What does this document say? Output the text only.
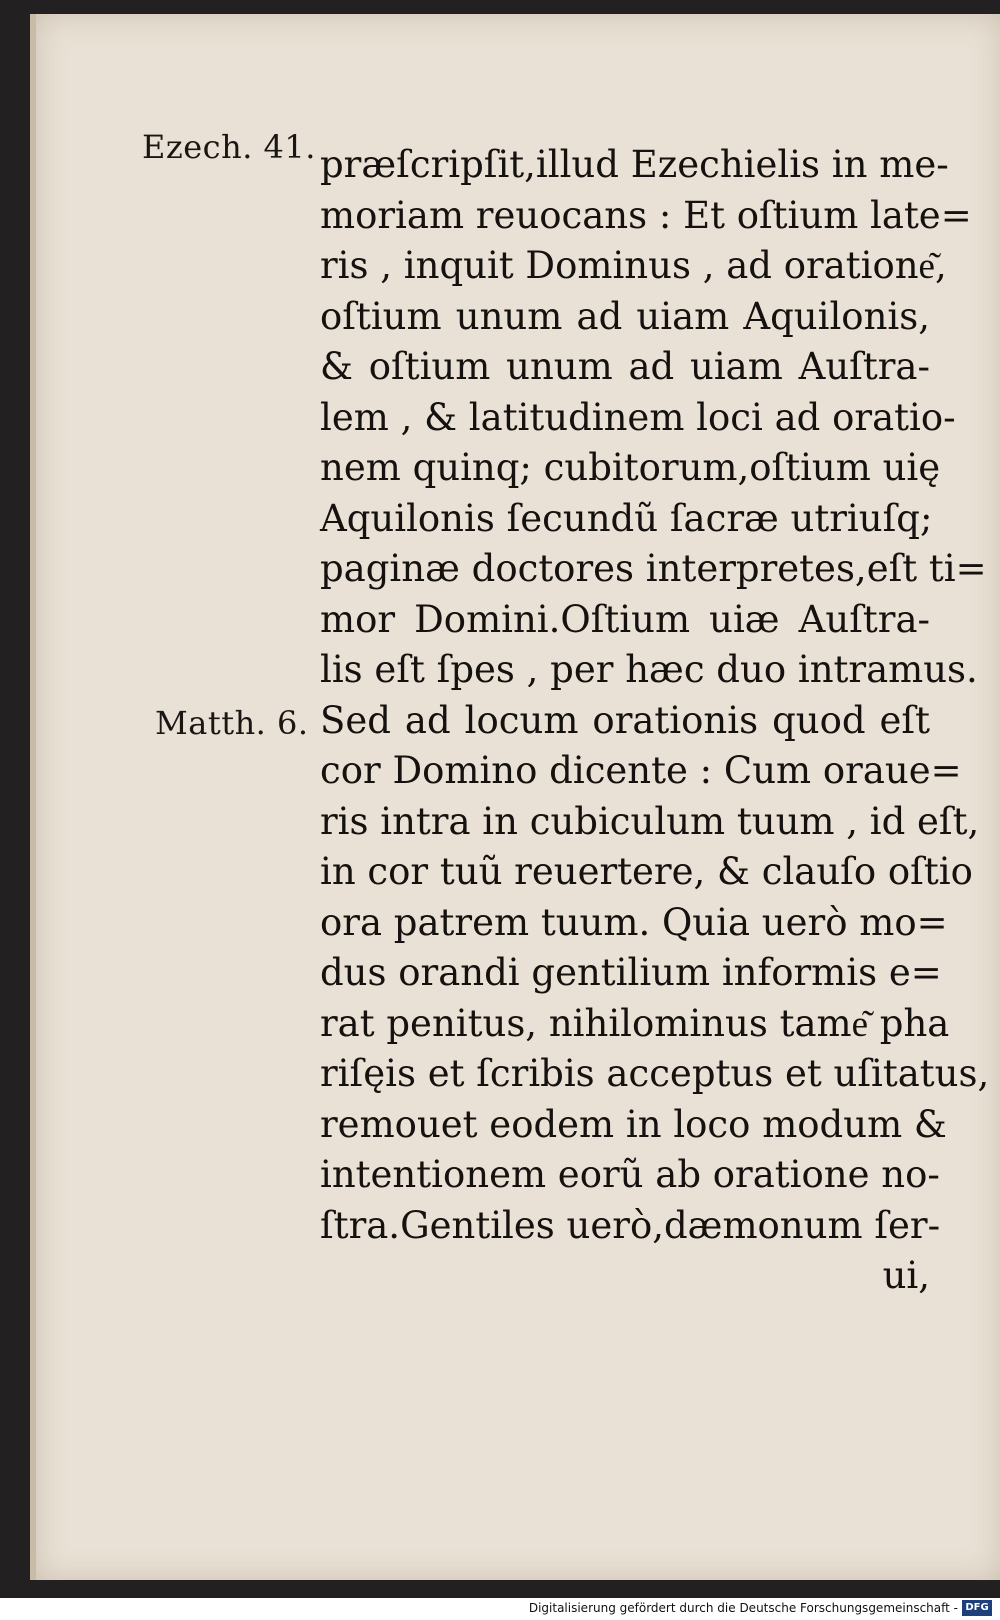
Ezech. 41.
Matth. 6.
præſcripſit,illud Ezechielis in me-
moriam reuocans : Et oſtium late=
ris , inquit Dominus , ad oratione͂,
oſtium unum ad uiam Aquilonis,
& oſtium unum ad uiam Auſtra-
lem , & latitudinem loci ad oratio-
nem quinq; cubitorum,oſtium uię
Aquilonis ſecundũ ſacræ utriuſq;
paginæ doctores interpretes,eſt ti=
mor Domini.Oſtium uiæ Auſtra-
lis eſt ſpes , per hæc duo intramus.
Sed ad locum orationis quod eſt
cor Domino dicente : Cum oraue=
ris intra in cubiculum tuum , id eſt,
in cor tuũ reuertere, & clauſo oſtio
ora patrem tuum. Quia uerò mo=
dus orandi gentilium informis e=
rat penitus, nihilominus tame͂ pha
riſęis et ſcribis acceptus et uſitatus,
remouet eodem in loco modum &
intentionem eorũ ab oratione no-
ſtra.Gentiles uerò,dæmonum ſer-
ui,
Digitalisierung gefördert durch die Deutsche Forschungsgemeinschaft - DFG
